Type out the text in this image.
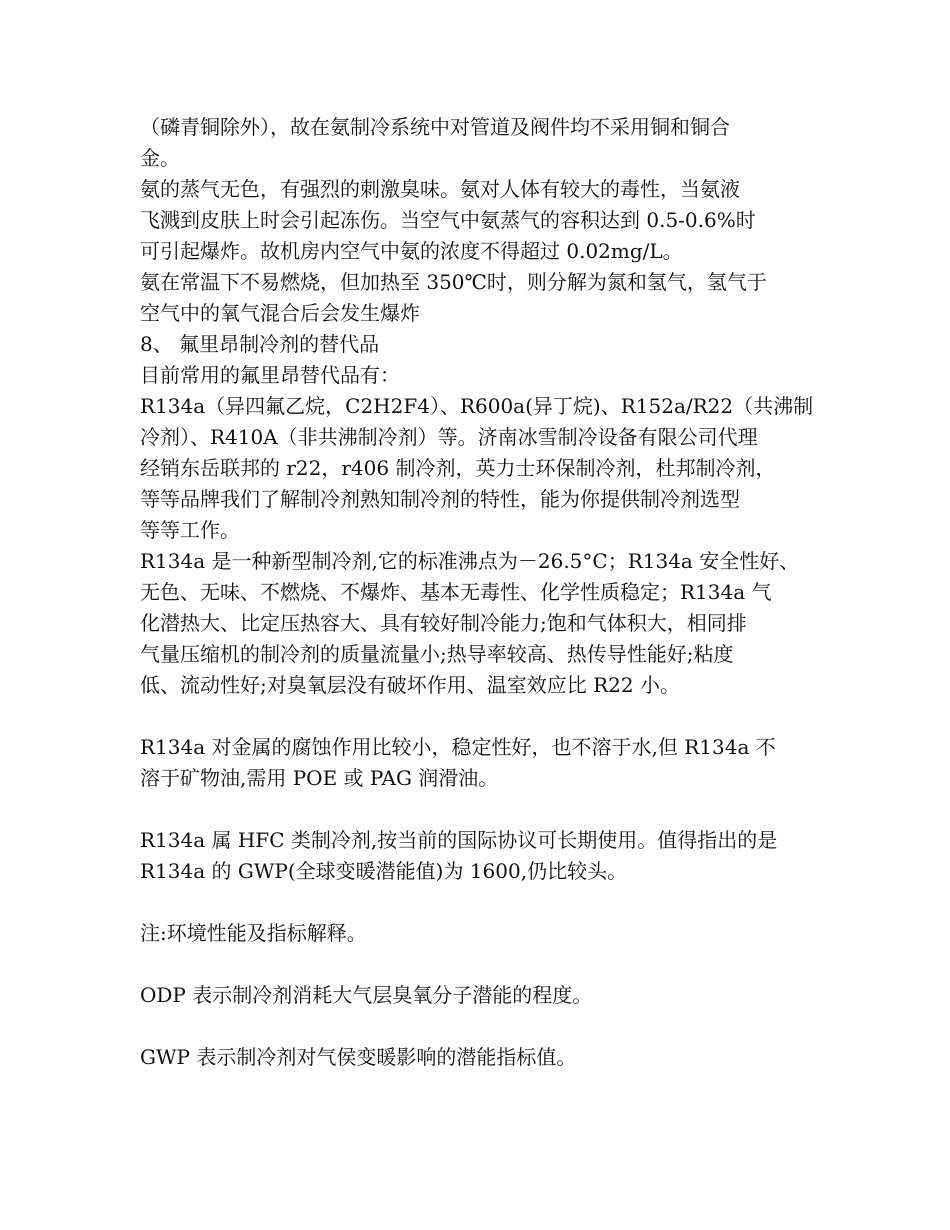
（磷青铜除外），故在氨制冷系统中对管道及阀件均不采用铜和铜合
金。
氨的蒸气无色，有强烈的刺激臭味。氨对人体有较大的毒性，当氨液
飞溅到皮肤上时会引起冻伤。当空气中氨蒸气的容积达到 0.5-0.6%时
可引起爆炸。故机房内空气中氨的浓度不得超过 0.02mg/L。
氨在常温下不易燃烧，但加热至 350℃时，则分解为氮和氢气，氢气于
空气中的氧气混合后会发生爆炸
8、 氟里昂制冷剂的替代品
目前常用的氟里昂替代品有：
R134a（异四氟乙烷，C2H2F4）、R600a(异丁烷)、R152a/R22（共沸制
冷剂）、R410A（非共沸制冷剂）等。济南冰雪制冷设备有限公司代理
经销东岳联邦的 r22，r406 制冷剂，英力士环保制冷剂，杜邦制冷剂，
等等品牌我们了解制冷剂熟知制冷剂的特性，能为你提供制冷剂选型
等等工作。
R134a 是一种新型制冷剂,它的标准沸点为－26.5°C；R134a 安全性好、
无色、无味、不燃烧、不爆炸、基本无毒性、化学性质稳定；R134a 气
化潜热大、比定压热容大、具有较好制冷能力;饱和气体积大，相同排
气量压缩机的制冷剂的质量流量小;热导率较高、热传导性能好;粘度
低、流动性好;对臭氧层没有破坏作用、温室效应比 R22 小。
R134a 对金属的腐蚀作用比较小，稳定性好，也不溶于水,但 R134a 不
溶于矿物油,需用 POE 或 PAG 润滑油。
R134a 属 HFC 类制冷剂,按当前的国际协议可长期使用。值得指出的是
R134a 的 GWP(全球变暖潜能值)为 1600,仍比较头。
注:环境性能及指标解释。
ODP 表示制冷剂消耗大气层臭氧分子潜能的程度。
GWP 表示制冷剂对气侯变暖影响的潜能指标值。
